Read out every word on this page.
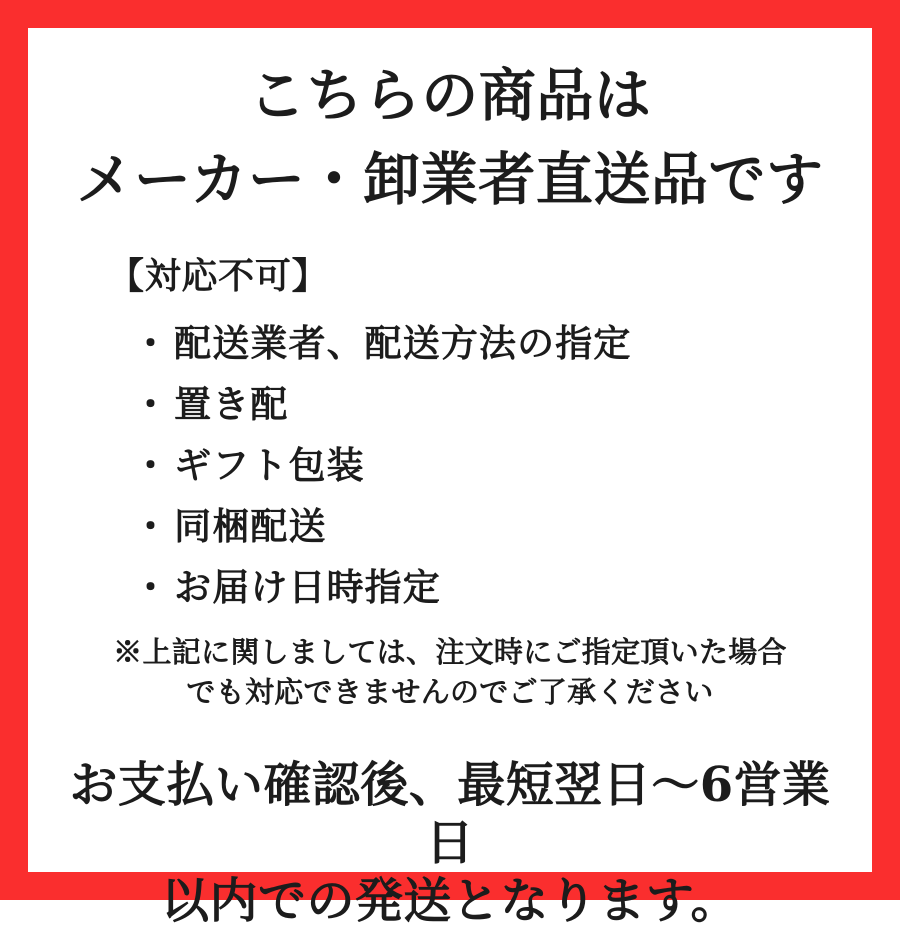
こちらの商品は
メーカー・卸業者直送品です
【対応不可】
・ 配送業者、配送方法の指定
・ 置き配
・ ギフト包装
・ 同梱配送
・ お届け日時指定
※上記に関しましては、注文時にご指定頂いた場合
でも対応できませんのでご了承ください
お支払い確認後、最短翌日〜6営業日
以内での発送となります。
